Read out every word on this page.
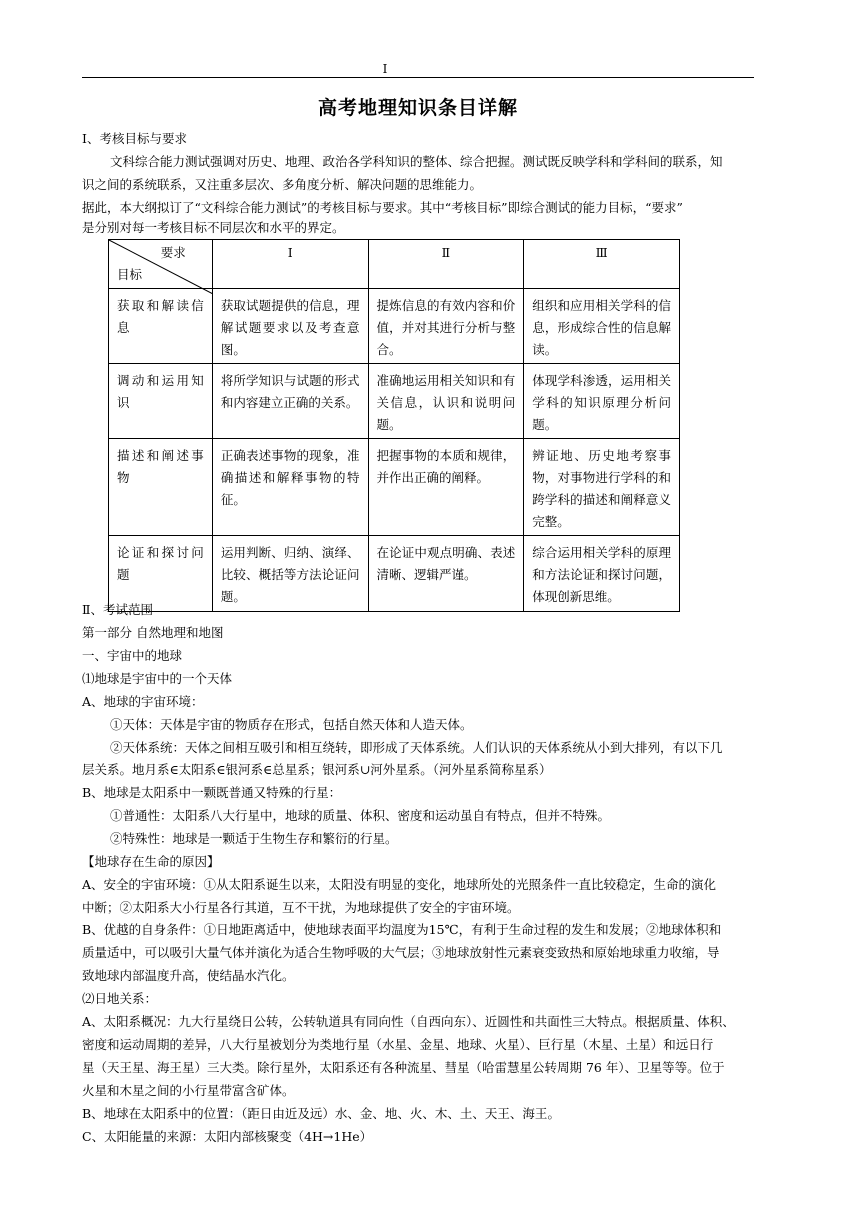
I
高考地理知识条目详解
Ⅰ、考核目标与要求
文科综合能力测试强调对历史、地理、政治各学科知识的整体、综合把握。测试既反映学科和学科间的联系，知
识之间的系统联系，又注重多层次、多角度分析、解决问题的思维能力。
据此，本大纲拟订了“文科综合能力测试”的考核目标与要求。其中“考核目标”即综合测试的能力目标，“要求”
是分别对每一考核目标不同层次和水平的界定。
要求
目标	Ⅰ	Ⅱ	Ⅲ
获取和解读信息	获取试题提供的信息，理解试题要求以及考查意图。	提炼信息的有效内容和价值，并对其进行分析与整合。	组织和应用相关学科的信息，形成综合性的信息解读。
调动和运用知识	将所学知识与试题的形式和内容建立正确的关系。	准确地运用相关知识和有关信息，认识和说明问题。	体现学科渗透，运用相关学科的知识原理分析问题。
描述和阐述事物	正确表述事物的现象，准确描述和解释事物的特征。	把握事物的本质和规律，并作出正确的阐释。	辨证地、历史地考察事物，对事物进行学科的和跨学科的描述和阐释意义完整。
论证和探讨问题	运用判断、归纳、演绎、比较、概括等方法论证问题。	在论证中观点明确、表述清晰、逻辑严谨。	综合运用相关学科的原理和方法论证和探讨问题，体现创新思维。
Ⅱ、考试范围
第一部分 自然地理和地图
一、宇宙中的地球
⑴地球是宇宙中的一个天体
A、地球的宇宙环境：
①天体：天体是宇宙的物质存在形式，包括自然天体和人造天体。
②天体系统：天体之间相互吸引和相互绕转，即形成了天体系统。人们认识的天体系统从小到大排列，有以下几
层关系。地月系∈太阳系∈银河系∈总星系；银河系∪河外星系。（河外星系简称星系）
B、地球是太阳系中一颗既普通又特殊的行星：
①普通性：太阳系八大行星中，地球的质量、体积、密度和运动虽自有特点，但并不特殊。
②特殊性：地球是一颗适于生物生存和繁衍的行星。
【地球存在生命的原因】
A、安全的宇宙环境：①从太阳系诞生以来，太阳没有明显的变化，地球所处的光照条件一直比较稳定，生命的演化
中断；②太阳系大小行星各行其道，互不干扰，为地球提供了安全的宇宙环境。
B、优越的自身条件：①日地距离适中，使地球表面平均温度为15℃，有利于生命过程的发生和发展；②地球体积和
质量适中，可以吸引大量气体并演化为适合生物呼吸的大气层；③地球放射性元素衰变致热和原始地球重力收缩，导
致地球内部温度升高，使结晶水汽化。
⑵日地关系：
A、太阳系概况：九大行星绕日公转，公转轨道具有同向性（自西向东）、近圆性和共面性三大特点。根据质量、体积、
密度和运动周期的差异，八大行星被划分为类地行星（水星、金星、地球、火星）、巨行星（木星、土星）和远日行
星（天王星、海王星）三大类。除行星外，太阳系还有各种流星、彗星（哈雷慧星公转周期 76 年）、卫星等等。位于
火星和木星之间的小行星带富含矿体。
B、地球在太阳系中的位置：（距日由近及远）水、金、地、火、木、土、天王、海王。
C、太阳能量的来源：太阳内部核聚变（4H→1He）
